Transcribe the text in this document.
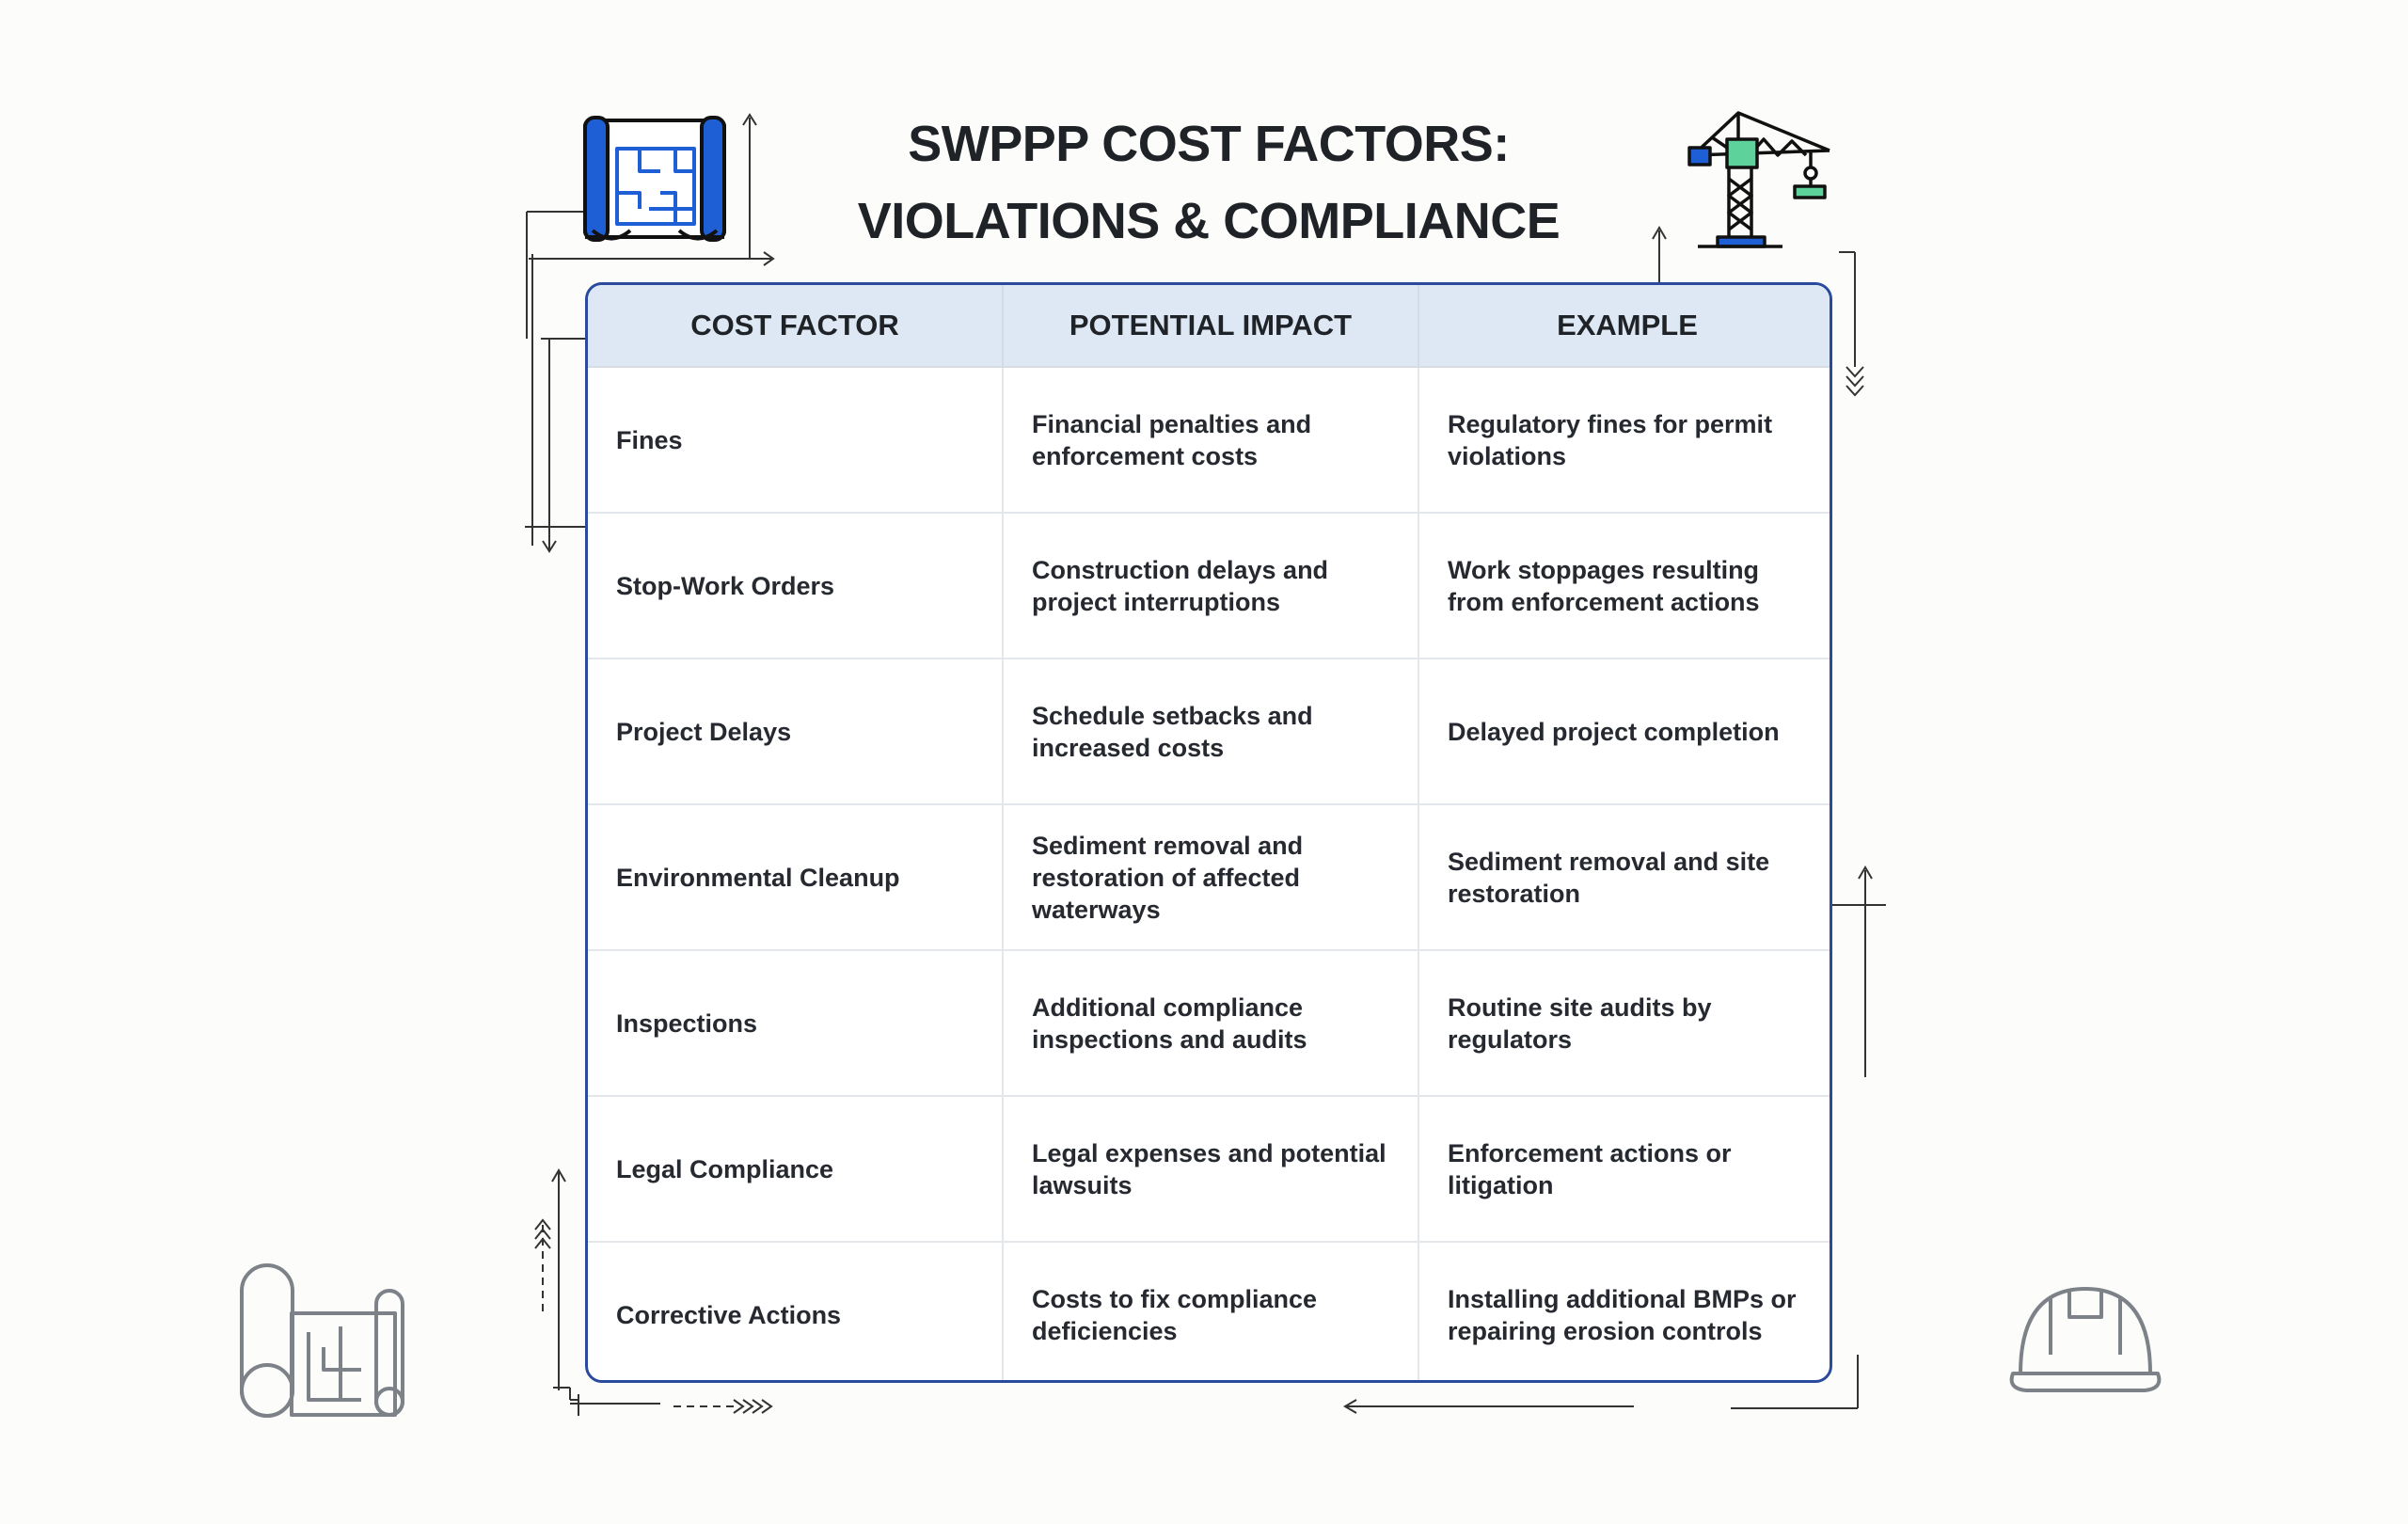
SWPPP COST FACTORS:
VIOLATIONS & COMPLIANCE
COST FACTOR	POTENTIAL IMPACT	EXAMPLE
Fines	Financial penalties and enforcement costs	Regulatory fines for permit violations
Stop-Work Orders	Construction delays and project interruptions	Work stoppages resulting from enforcement actions
Project Delays	Schedule setbacks and increased costs	Delayed project completion
Environmental Cleanup	Sediment removal and restoration of affected waterways	Sediment removal and site restoration
Inspections	Additional compliance inspections and audits	Routine site audits by regulators
Legal Compliance	Legal expenses and potential lawsuits	Enforcement actions or litigation
Corrective Actions	Costs to fix compliance deficiencies	Installing additional BMPs or repairing erosion controls
